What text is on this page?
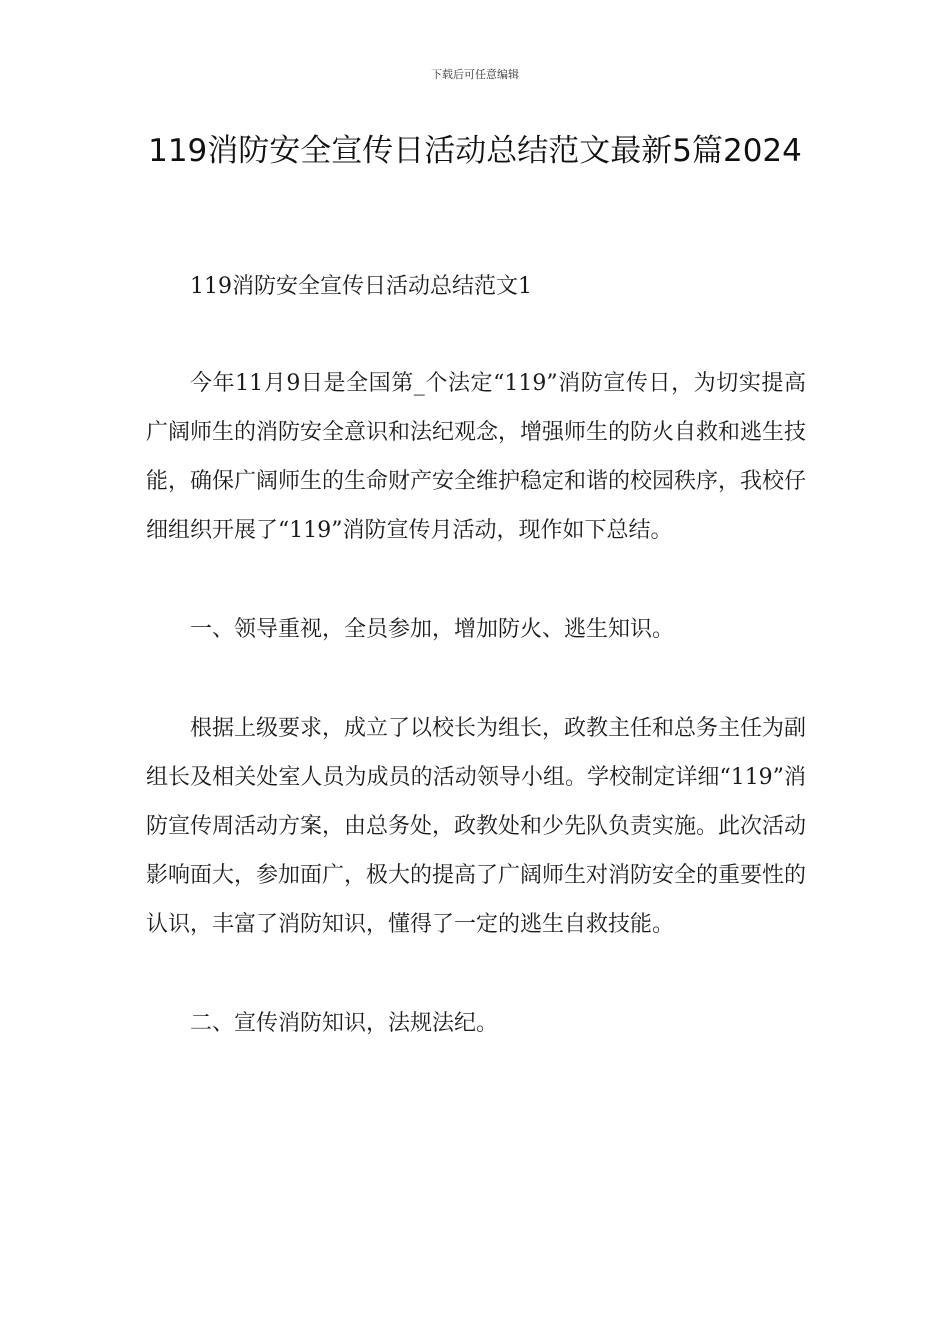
下载后可任意编辑
119消防安全宣传日活动总结范文最新5篇2024

119消防安全宣传日活动总结范文1

今年11月9日是全国第_个法定“119”消防宣传日，为切实提高广阔师生的消防安全意识和法纪观念，增强师生的防火自救和逃生技能，确保广阔师生的生命财产安全维护稳定和谐的校园秩序，我校仔细组织开展了“119”消防宣传月活动，现作如下总结。

一、领导重视，全员参加，增加防火、逃生知识。

根据上级要求，成立了以校长为组长，政教主任和总务主任为副组长及相关处室人员为成员的活动领导小组。学校制定详细“119”消防宣传周活动方案，由总务处，政教处和少先队负责实施。此次活动影响面大，参加面广，极大的提高了广阔师生对消防安全的重要性的认识，丰富了消防知识，懂得了一定的逃生自救技能。

二、宣传消防知识，法规法纪。
